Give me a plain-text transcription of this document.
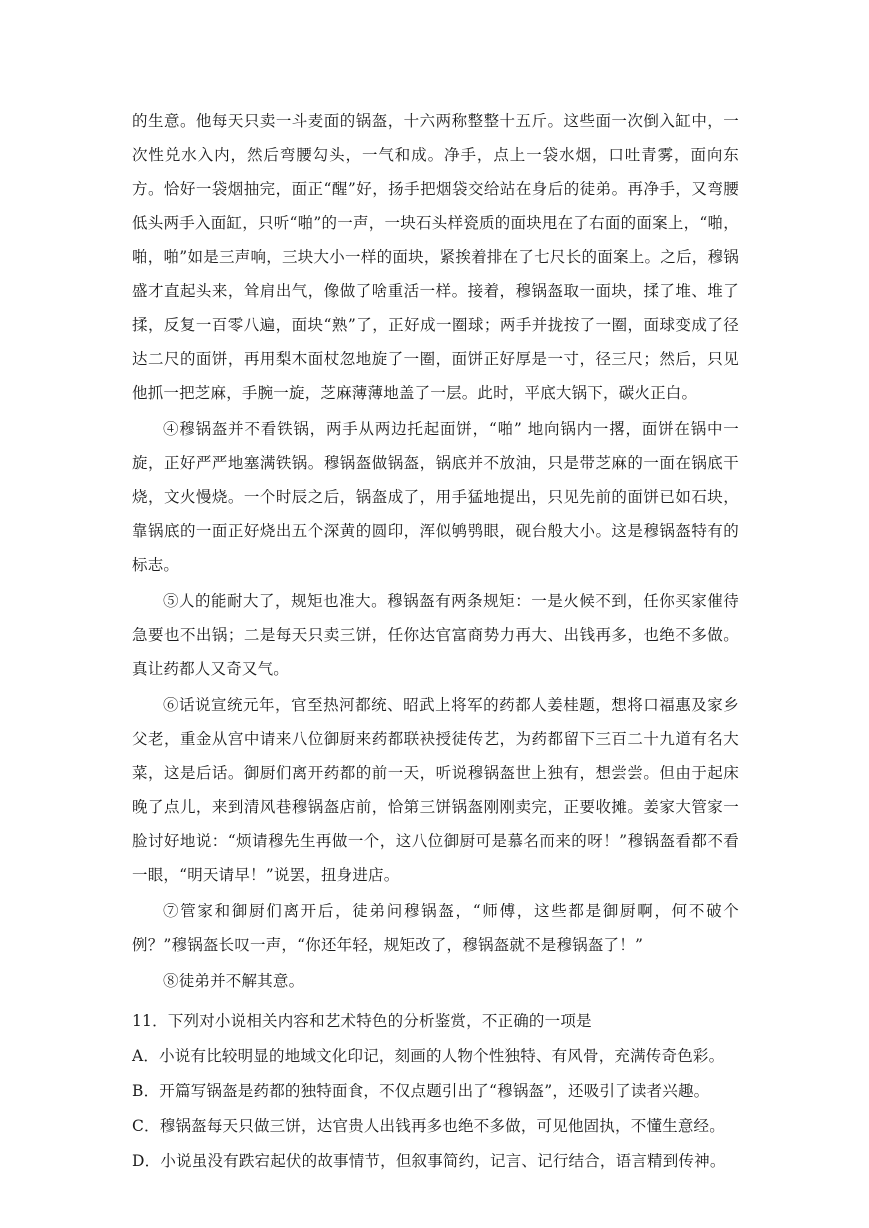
的生意。他每天只卖一斗麦面的锅盔，十六两称整整十五斤。这些面一次倒入缸中，一次性兑水入内，然后弯腰勾头，一气和成。净手，点上一袋水烟，口吐青雾，面向东方。恰好一袋烟抽完，面正“醒”好，扬手把烟袋交给站在身后的徒弟。再净手，又弯腰低头两手入面缸，只听“啪”的一声，一块石头样瓷质的面块甩在了右面的面案上，“啪， 啪，啪”如是三声响，三块大小一样的面块，紧挨着排在了七尺长的面案上。之后，穆锅盛才直起头来，耸肩出气，像做了啥重活一样。接着，穆锅盔取一面块，揉了堆、堆了揉，反复一百零八遍，面块“熟”了，正好成一圈球；两手并拢按了一圈，面球变成了径达二尺的面饼，再用梨木面杖忽地旋了一圈，面饼正好厚是一寸，径三尺；然后，只见他抓一把芝麻，手腕一旋，芝麻薄薄地盖了一层。此时，平底大锅下，碳火正白。

④穆锅盔并不看铁锅，两手从两边托起面饼，“啪” 地向锅内一撂，面饼在锅中一旋，正好严严地塞满铁锅。穆锅盔做锅盔，锅底并不放油，只是带芝麻的一面在锅底干烧，文火慢烧。一个时辰之后，锅盔成了，用手猛地提出，只见先前的面饼已如石块，靠锅底的一面正好烧出五个深黄的圆印，浑似鸲鸮眼，砚台般大小。这是穆锅盔特有的标志。

⑤人的能耐大了，规矩也准大。穆锅盔有两条规矩：一是火候不到，任你买家催待急要也不出锅；二是每天只卖三饼，任你达官富商势力再大、出钱再多，也绝不多做。真让药都人又奇又气。

⑥话说宣统元年，官至热河都统、昭武上将军的药都人姜桂题，想将口福惠及家乡父老，重金从宫中请来八位御厨来药都联袂授徒传艺，为药都留下三百二十九道有名大菜，这是后话。御厨们离开药都的前一天，听说穆锅盔世上独有，想尝尝。但由于起床晚了点儿，来到清风巷穆锅盔店前，恰第三饼锅盔刚刚卖完，正要收摊。姜家大管家一脸讨好地说：“烦请穆先生再做一个，这八位御厨可是慕名而来的呀！”穆锅盔看都不看一眼，“明天请早！”说罢，扭身进店。

⑦管家和御厨们离开后，徒弟问穆锅盔，“师傅，这些都是御厨啊，何不破个例？”穆锅盔长叹一声，“你还年轻，规矩改了，穆锅盔就不是穆锅盔了！”

⑧徒弟并不解其意。

11．下列对小说相关内容和艺术特色的分析鉴赏，不正确的一项是

A．小说有比较明显的地域文化印记，刻画的人物个性独特、有风骨，充满传奇色彩。

B．开篇写锅盔是药都的独特面食，不仅点题引出了“穆锅盔”，还吸引了读者兴趣。

C．穆锅盔每天只做三饼，达官贵人出钱再多也绝不多做，可见他固执，不懂生意经。

D．小说虽没有跌宕起伏的故事情节，但叙事简约，记言、记行结合，语言精到传神。
